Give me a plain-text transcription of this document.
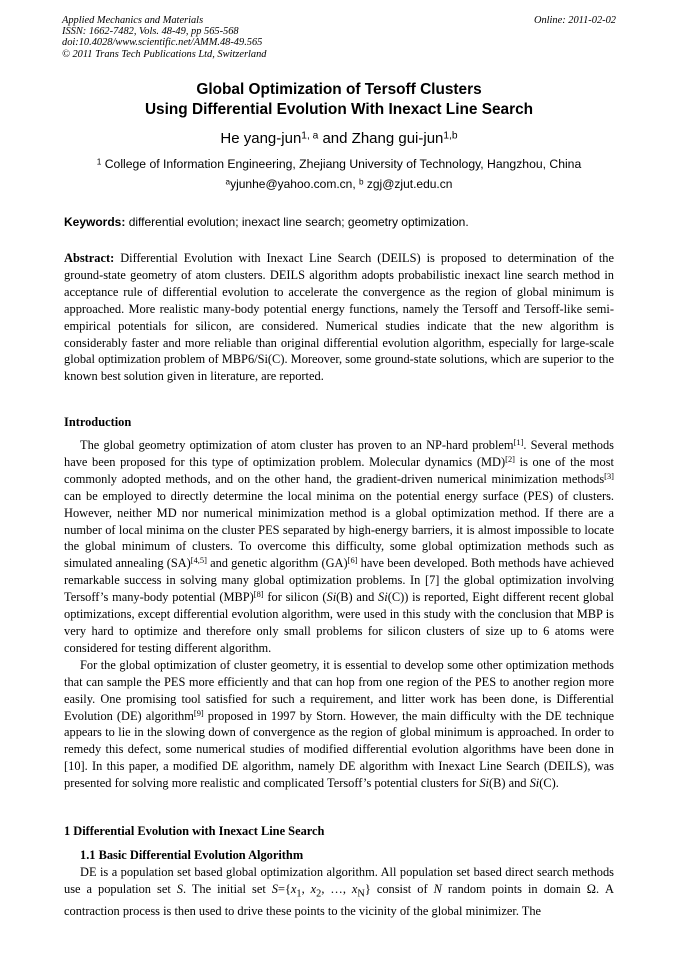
Applied Mechanics and Materials
ISSN: 1662-7482, Vols. 48-49, pp 565-568
doi:10.4028/www.scientific.net/AMM.48-49.565
© 2011 Trans Tech Publications Ltd, Switzerland
Online: 2011-02-02
Global Optimization of Tersoff Clusters
Using Differential Evolution With Inexact Line Search
He yang-jun$^{1, a}$ and Zhang gui-jun$^{1,b}$
$^1$ College of Information Engineering, Zhejiang University of Technology, Hangzhou, China
$^a$yjunhe@yahoo.com.cn, $^b$ zgj@zjut.edu.cn
Keywords: differential evolution; inexact line search; geometry optimization.
Abstract: Differential Evolution with Inexact Line Search (DEILS) is proposed to determination of the ground-state geometry of atom clusters. DEILS algorithm adopts probabilistic inexact line search method in acceptance rule of differential evolution to accelerate the convergence as the region of global minimum is approached. More realistic many-body potential energy functions, namely the Tersoff and Tersoff-like semi-empirical potentials for silicon, are considered. Numerical studies indicate that the new algorithm is considerably faster and more reliable than original differential evolution algorithm, especially for large-scale global optimization problem of MBP6/Si(C). Moreover, some ground-state solutions, which are superior to the known best solution given in literature, are reported.
Introduction

The global geometry optimization of atom cluster has proven to an NP-hard problem[1]. Several methods have been proposed for this type of optimization problem. Molecular dynamics (MD)[2] is one of the most commonly adopted methods, and on the other hand, the gradient-driven numerical minimization methods[3] can be employed to directly determine the local minima on the potential energy surface (PES) of clusters. However, neither MD nor numerical minimization method is a global optimization method. If there are a number of local minima on the cluster PES separated by high-energy barriers, it is almost impossible to locate the global minimum of clusters. To overcome this difficulty, some global optimization methods such as simulated annealing (SA)[4,5] and genetic algorithm (GA)[6] have been developed. Both methods have achieved remarkable success in solving many global optimization problems. In [7] the global optimization involving Tersoff’s many-body potential (MBP)[8] for silicon (Si(B) and Si(C)) is reported, Eight different recent global optimizations, except differential evolution algorithm, were used in this study with the conclusion that MBP is very hard to optimize and therefore only small problems for silicon clusters of size up to 6 atoms were considered for testing different algorithm.

For the global optimization of cluster geometry, it is essential to develop some other optimization methods that can sample the PES more efficiently and that can hop from one region of the PES to another region more easily. One promising tool satisfied for such a requirement, and litter work has been done, is Differential Evolution (DE) algorithm[9] proposed in 1997 by Storn. However, the main difficulty with the DE technique appears to lie in the slowing down of convergence as the region of global minimum is approached. In order to remedy this defect, some numerical studies of modified differential evolution algorithms have been done in [10]. In this paper, a modified DE algorithm, namely DE algorithm with Inexact Line Search (DEILS), was presented for solving more realistic and complicated Tersoff’s potential clusters for Si(B) and Si(C).

1 Differential Evolution with Inexact Line Search
1.1 Basic Differential Evolution Algorithm

DE is a population set based global optimization algorithm. All population set based direct search methods use a population set S. The initial set $S=\{x_1$, $x_2$, …, $x_N$} consist of N random points in domain Ω. A contraction process is then used to drive these points to the vicinity of the global minimizer. The
